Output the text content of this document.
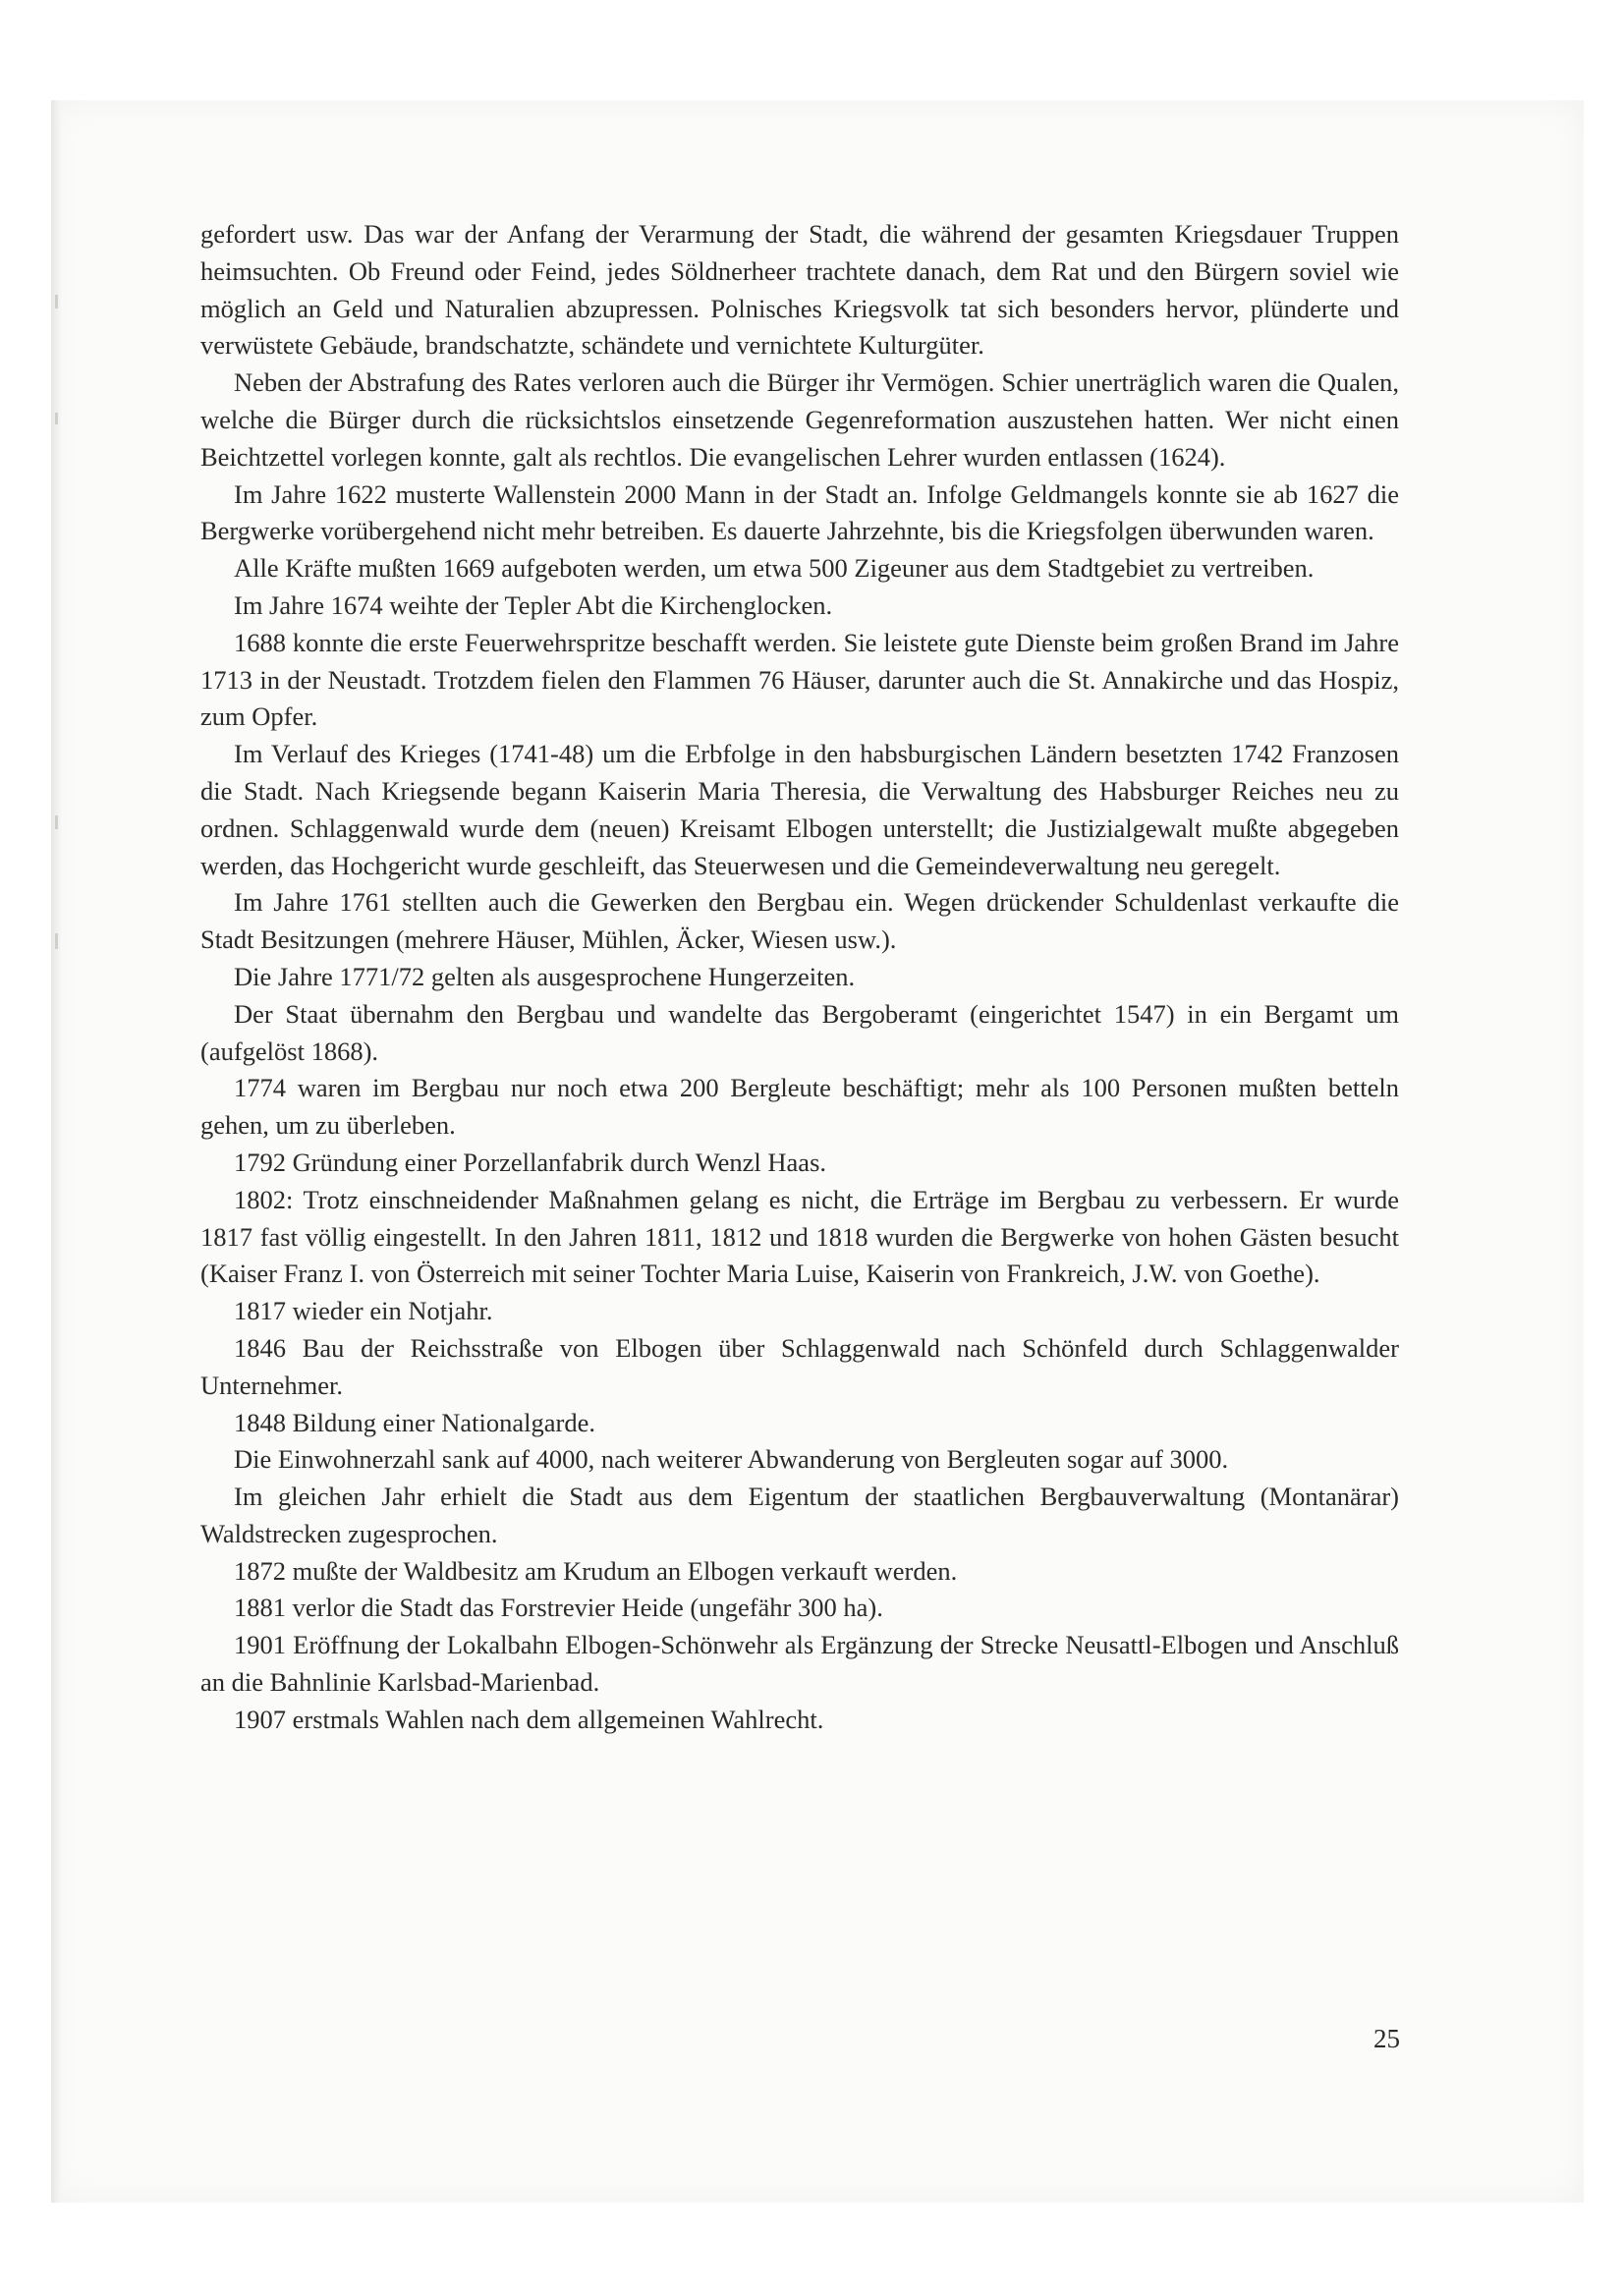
gefordert usw. Das war der Anfang der Verarmung der Stadt, die während der gesamten Kriegsdauer Truppen heimsuchten. Ob Freund oder Feind, jedes Söldnerheer trachtete danach, dem Rat und den Bürgern soviel wie möglich an Geld und Naturalien abzupressen. Polnisches Kriegsvolk tat sich besonders hervor, plünderte und verwüstete Gebäude, brandschatzte, schändete und vernichtete Kulturgüter.

Neben der Abstrafung des Rates verloren auch die Bürger ihr Vermögen. Schier unerträglich waren die Qualen, welche die Bürger durch die rücksichtslos einsetzende Gegenreformation auszustehen hatten. Wer nicht einen Beichtzettel vorlegen konnte, galt als rechtlos. Die evangelischen Lehrer wurden entlassen (1624).

Im Jahre 1622 musterte Wallenstein 2000 Mann in der Stadt an. Infolge Geldmangels konnte sie ab 1627 die Bergwerke vorübergehend nicht mehr betreiben. Es dauerte Jahrzehnte, bis die Kriegsfolgen überwunden waren.

Alle Kräfte mußten 1669 aufgeboten werden, um etwa 500 Zigeuner aus dem Stadtgebiet zu vertreiben.

Im Jahre 1674 weihte der Tepler Abt die Kirchenglocken.

1688 konnte die erste Feuerwehrspritze beschafft werden. Sie leistete gute Dienste beim großen Brand im Jahre 1713 in der Neustadt. Trotzdem fielen den Flammen 76 Häuser, darunter auch die St. Annakirche und das Hospiz, zum Opfer.

Im Verlauf des Krieges (1741-48) um die Erbfolge in den habsburgischen Ländern besetzten 1742 Franzosen die Stadt. Nach Kriegsende begann Kaiserin Maria Theresia, die Verwaltung des Habsburger Reiches neu zu ordnen. Schlaggenwald wurde dem (neuen) Kreisamt Elbogen unterstellt; die Justizialgewalt mußte abgegeben werden, das Hochgericht wurde geschleift, das Steuerwesen und die Gemeindeverwaltung neu geregelt.

Im Jahre 1761 stellten auch die Gewerken den Bergbau ein. Wegen drückender Schuldenlast verkaufte die Stadt Besitzungen (mehrere Häuser, Mühlen, Äcker, Wiesen usw.).

Die Jahre 1771/72 gelten als ausgesprochene Hungerzeiten.

Der Staat übernahm den Bergbau und wandelte das Bergoberamt (eingerichtet 1547) in ein Bergamt um (aufgelöst 1868).

1774 waren im Bergbau nur noch etwa 200 Bergleute beschäftigt; mehr als 100 Personen mußten betteln gehen, um zu überleben.

1792 Gründung einer Porzellanfabrik durch Wenzl Haas.

1802: Trotz einschneidender Maßnahmen gelang es nicht, die Erträge im Bergbau zu verbessern. Er wurde 1817 fast völlig eingestellt. In den Jahren 1811, 1812 und 1818 wurden die Bergwerke von hohen Gästen besucht (Kaiser Franz I. von Österreich mit seiner Tochter Maria Luise, Kaiserin von Frankreich, J.W. von Goethe).

1817 wieder ein Notjahr.

1846 Bau der Reichsstraße von Elbogen über Schlaggenwald nach Schönfeld durch Schlaggenwalder Unternehmer.

1848 Bildung einer Nationalgarde.

Die Einwohnerzahl sank auf 4000, nach weiterer Abwanderung von Bergleuten sogar auf 3000.

Im gleichen Jahr erhielt die Stadt aus dem Eigentum der staatlichen Bergbauverwaltung (Montanärar) Waldstrecken zugesprochen.

1872 mußte der Waldbesitz am Krudum an Elbogen verkauft werden.

1881 verlor die Stadt das Forstrevier Heide (ungefähr 300 ha).

1901 Eröffnung der Lokalbahn Elbogen-Schönwehr als Ergänzung der Strecke Neusattl-Elbogen und Anschluß an die Bahnlinie Karlsbad-Marienbad.

1907 erstmals Wahlen nach dem allgemeinen Wahlrecht.

25
